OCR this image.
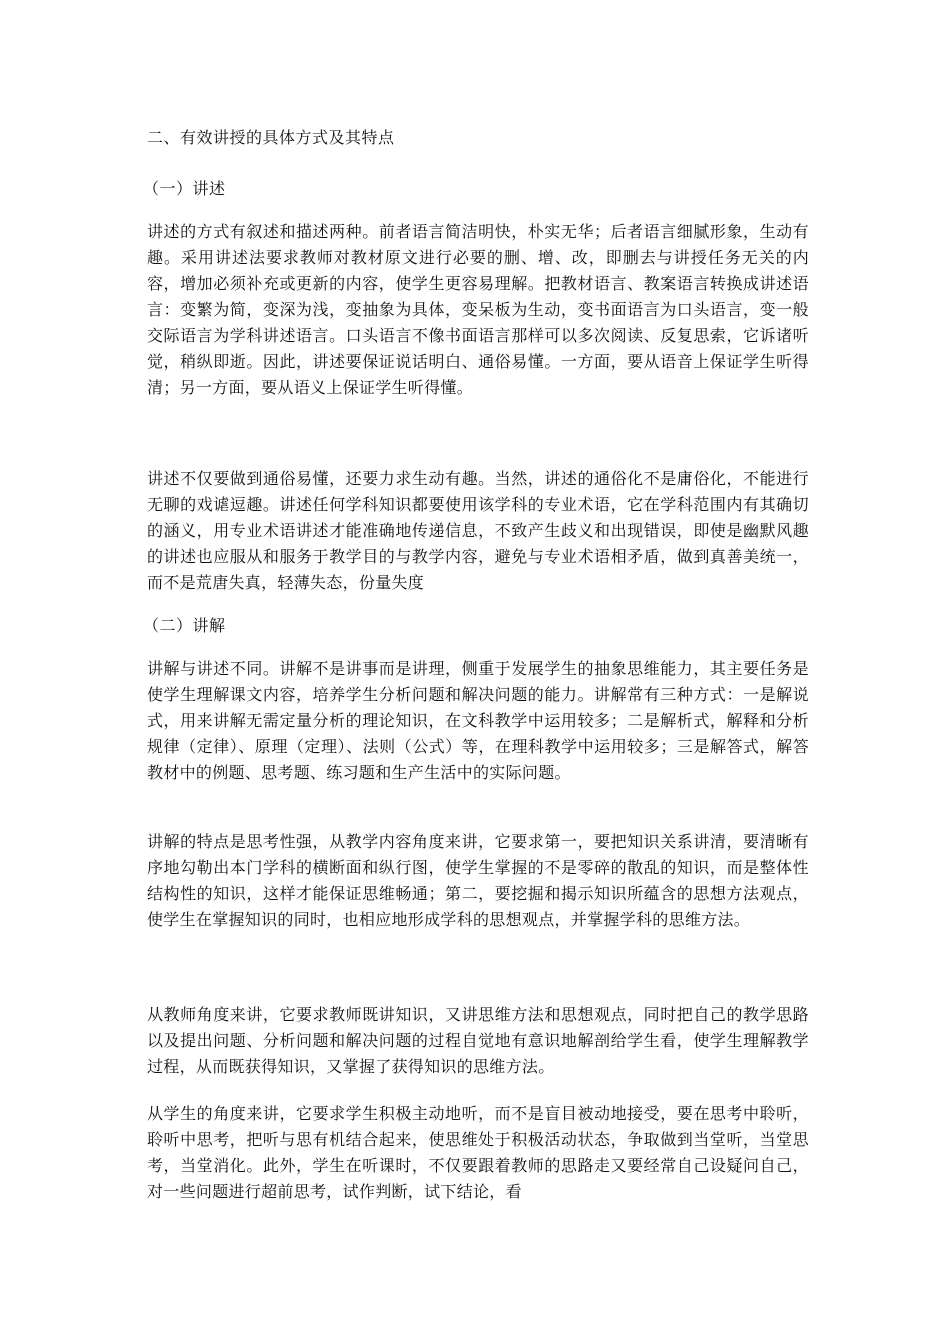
二、有效讲授的具体方式及其特点

（一）讲述

讲述的方式有叙述和描述两种。前者语言简洁明快，朴实无华；后者语言细腻形象，生动有趣。采用讲述法要求教师对教材原文进行必要的删、增、改，即删去与讲授任务无关的内容，增加必须补充或更新的内容，使学生更容易理解。把教材语言、教案语言转换成讲述语言：变繁为简，变深为浅，变抽象为具体，变呆板为生动，变书面语言为口头语言，变一般交际语言为学科讲述语言。口头语言不像书面语言那样可以多次阅读、反复思索，它诉诸听觉，稍纵即逝。因此，讲述要保证说话明白、通俗易懂。一方面，要从语音上保证学生听得清；另一方面，要从语义上保证学生听得懂。

讲述不仅要做到通俗易懂，还要力求生动有趣。当然，讲述的通俗化不是庸俗化，不能进行无聊的戏谑逗趣。讲述任何学科知识都要使用该学科的专业术语，它在学科范围内有其确切的涵义，用专业术语讲述才能准确地传递信息，不致产生歧义和出现错误，即使是幽默风趣的讲述也应服从和服务于教学目的与教学内容，避免与专业术语相矛盾，做到真善美统一，而不是荒唐失真，轻薄失态，份量失度

（二）讲解

讲解与讲述不同。讲解不是讲事而是讲理，侧重于发展学生的抽象思维能力，其主要任务是使学生理解课文内容，培养学生分析问题和解决问题的能力。讲解常有三种方式：一是解说式，用来讲解无需定量分析的理论知识，在文科教学中运用较多；二是解析式，解释和分析规律（定律）、原理（定理）、法则（公式）等，在理科教学中运用较多；三是解答式，解答教材中的例题、思考题、练习题和生产生活中的实际问题。

讲解的特点是思考性强，从教学内容角度来讲，它要求第一，要把知识关系讲清，要清晰有序地勾勒出本门学科的横断面和纵行图，使学生掌握的不是零碎的散乱的知识，而是整体性结构性的知识，这样才能保证思维畅通；第二，要挖掘和揭示知识所蕴含的思想方法观点，使学生在掌握知识的同时，也相应地形成学科的思想观点，并掌握学科的思维方法。

从教师角度来讲，它要求教师既讲知识，又讲思维方法和思想观点，同时把自己的教学思路以及提出问题、分析问题和解决问题的过程自觉地有意识地解剖给学生看，使学生理解教学过程，从而既获得知识，又掌握了获得知识的思维方法。

从学生的角度来讲，它要求学生积极主动地听，而不是盲目被动地接受，要在思考中聆听，聆听中思考，把听与思有机结合起来，使思维处于积极活动状态，争取做到当堂听，当堂思考，当堂消化。此外，学生在听课时，不仅要跟着教师的思路走又要经常自己设疑问自己，对一些问题进行超前思考，试作判断，试下结论，看
